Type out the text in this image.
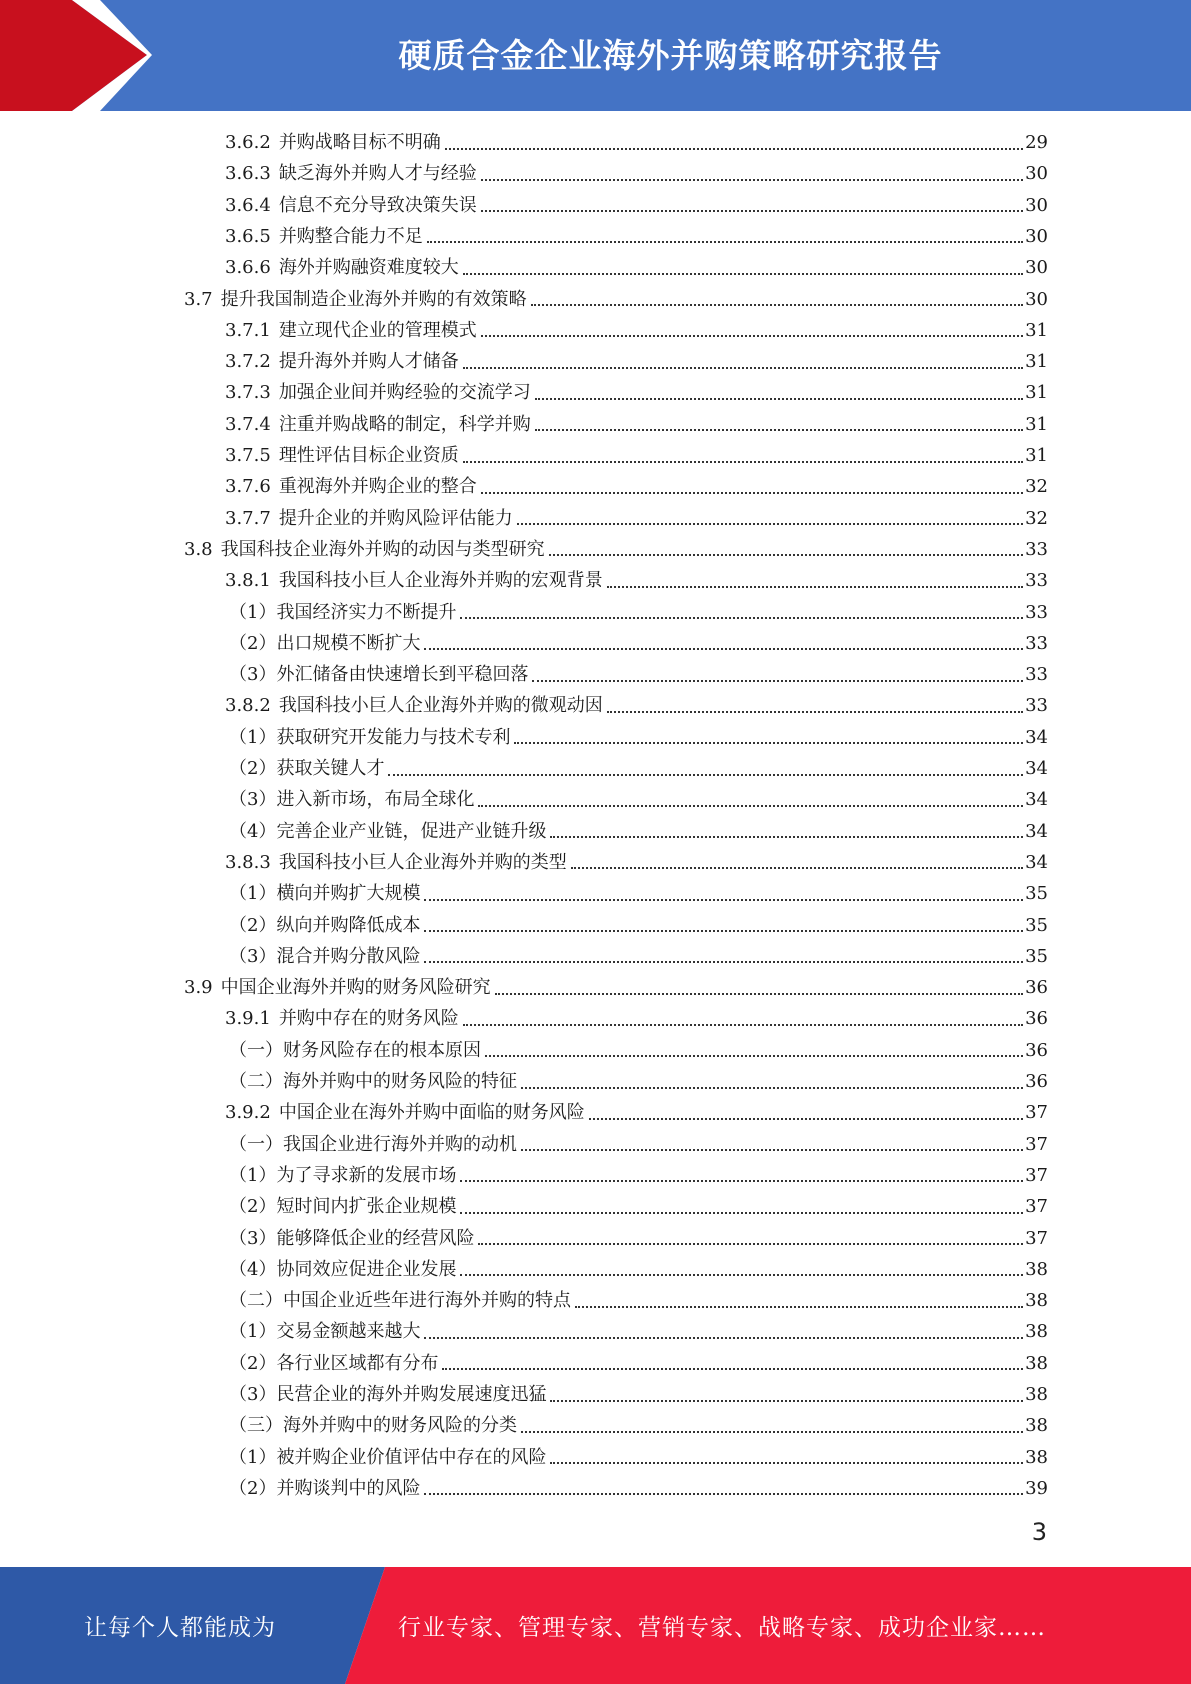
硬质合金企业海外并购策略研究报告
3.6.2 并购战略目标不明确	29
3.6.3 缺乏海外并购人才与经验	30
3.6.4 信息不充分导致决策失误	30
3.6.5 并购整合能力不足	30
3.6.6 海外并购融资难度较大	30
3.7 提升我国制造企业海外并购的有效策略	30
3.7.1 建立现代企业的管理模式	31
3.7.2 提升海外并购人才储备	31
3.7.3 加强企业间并购经验的交流学习	31
3.7.4 注重并购战略的制定，科学并购	31
3.7.5 理性评估目标企业资质	31
3.7.6 重视海外并购企业的整合	32
3.7.7 提升企业的并购风险评估能力	32
3.8 我国科技企业海外并购的动因与类型研究	33
3.8.1 我国科技小巨人企业海外并购的宏观背景	33
（1）我国经济实力不断提升	33
（2）出口规模不断扩大	33
（3）外汇储备由快速增长到平稳回落	33
3.8.2 我国科技小巨人企业海外并购的微观动因	33
（1）获取研究开发能力与技术专利	34
（2）获取关键人才	34
（3）进入新市场，布局全球化	34
（4）完善企业产业链，促进产业链升级	34
3.8.3 我国科技小巨人企业海外并购的类型	34
（1）横向并购扩大规模	35
（2）纵向并购降低成本	35
（3）混合并购分散风险	35
3.9 中国企业海外并购的财务风险研究	36
3.9.1 并购中存在的财务风险	36
（一）财务风险存在的根本原因	36
（二）海外并购中的财务风险的特征	36
3.9.2 中国企业在海外并购中面临的财务风险	37
（一）我国企业进行海外并购的动机	37
（1）为了寻求新的发展市场	37
（2）短时间内扩张企业规模	37
（3）能够降低企业的经营风险	37
（4）协同效应促进企业发展	38
（二）中国企业近些年进行海外并购的特点	38
（1）交易金额越来越大	38
（2）各行业区域都有分布	38
（3）民营企业的海外并购发展速度迅猛	38
（三）海外并购中的财务风险的分类	38
（1）被并购企业价值评估中存在的风险	38
（2）并购谈判中的风险	39
3
让每个人都能成为	行业专家、管理专家、营销专家、战略专家、成功企业家……
